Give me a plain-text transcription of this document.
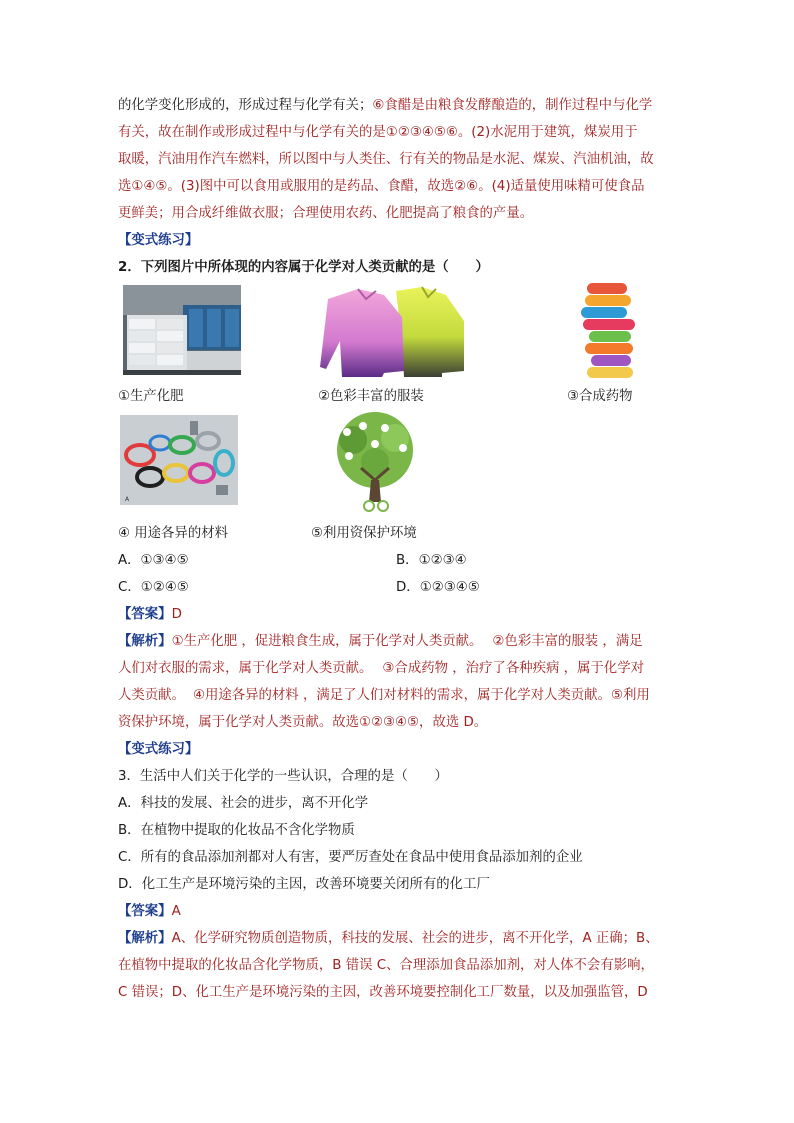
的化学变化形成的，形成过程与化学有关；⑥食醋是由粮食发酵酿造的，制作过程中与化学
有关，故在制作或形成过程中与化学有关的是①②③④⑤⑥。(2)水泥用于建筑，煤炭用于
取暖，汽油用作汽车燃料，所以图中与人类住、行有关的物品是水泥、煤炭、汽油机油，故
选①④⑤。(3)图中可以食用或服用的是药品、食醋，故选②⑥。(4)适量使用味精可使食品
更鲜美；用合成纤维做衣服；合理使用农药、化肥提高了粮食的产量。
【变式练习】
2．下列图片中所体现的内容属于化学对人类贡献的是（　　）
①生产化肥	②色彩丰富的服装	③合成药物
A
④ 用途各异的材料	⑤利用资保护环境
A．①③④⑤	B．①②③④
C．①②④⑤	D．①②③④⑤
【答案】D
【解析】①生产化肥 ，促进粮食生成，属于化学对人类贡献。 ②色彩丰富的服装 ，满足
人们对衣服的需求，属于化学对人类贡献。 ③合成药物 ，治疗了各种疾病 ，属于化学对
人类贡献。 ④用途各异的材料 ，满足了人们对材料的需求，属于化学对人类贡献。⑤利用
资保护环境，属于化学对人类贡献。故选①②③④⑤，故选 D。
【变式练习】
3．生活中人们关于化学的一些认识，合理的是（　　）
A．科技的发展、社会的进步，离不开化学
B．在植物中提取的化妆品不含化学物质
C．所有的食品添加剂都对人有害，要严厉查处在食品中使用食品添加剂的企业
D．化工生产是环境污染的主因，改善环境要关闭所有的化工厂
【答案】A
【解析】A、化学研究物质创造物质，科技的发展、社会的进步，离不开化学，A 正确；B、
在植物中提取的化妆品含化学物质，B 错误 C、合理添加食品添加剂，对人体不会有影响，
C 错误；D、化工生产是环境污染的主因，改善环境要控制化工厂数量，以及加强监管，D
